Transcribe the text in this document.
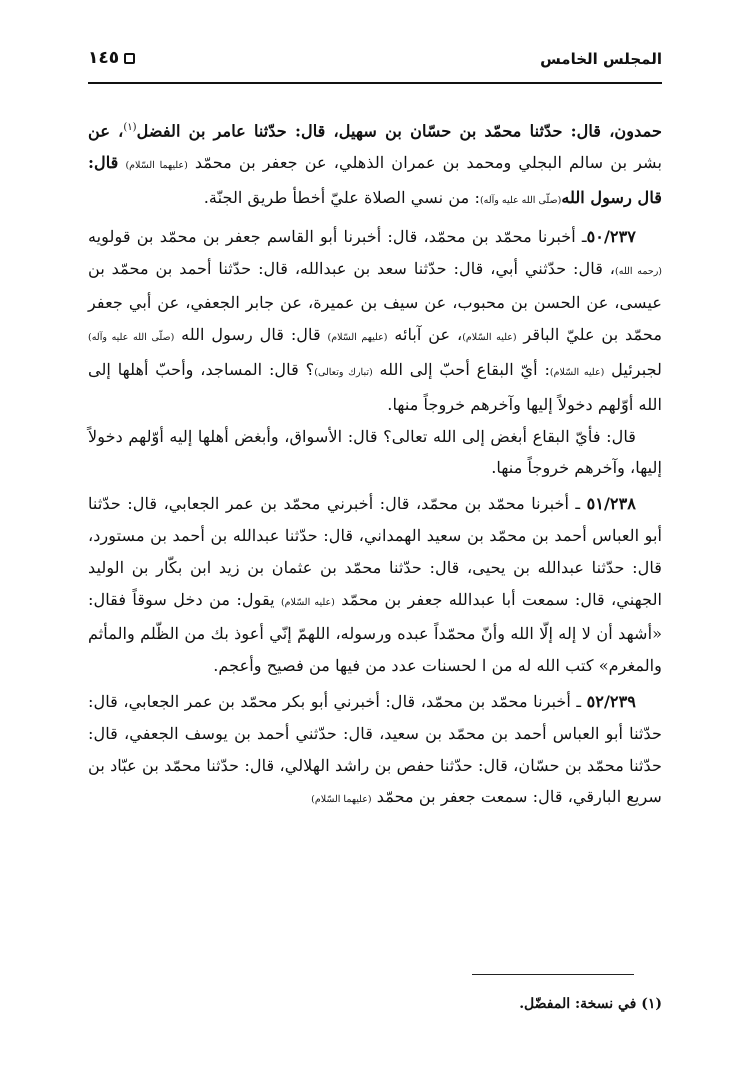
المجلس الخامس
١٤٥

حمدون، قال: حدّثنا محمّد بن حسّان بن سهيل، قال: حدّثنا عامر بن الفضل$^{(١)}$، عن بشر بن سالم البجلي ومحمد بن عمران الذهلي، عن جعفر بن محمّد (عليهما السّلام) قال: قال رسول الله(صلّى الله عليه وآله): من نسي الصلاة عليّ أخطأ طريق الجنّة.

٥٠/٢٣٧ـ أخبرنا محمّد بن محمّد، قال: أخبرنا أبو القاسم جعفر بن محمّد بن قولويه (رحمه الله)، قال: حدّثني أبي، قال: حدّثنا سعد بن عبدالله، قال: حدّثنا أحمد بن محمّد بن عيسى، عن الحسن بن محبوب، عن سيف بن عميرة، عن جابر الجعفي، عن أبي جعفر محمّد بن عليّ الباقر (عليه السّلام)، عن آبائه (عليهم السّلام) قال: قال رسول الله (صلّى الله عليه وآله) لجبرئيل (عليه السّلام): أيّ البقاع أحبّ إلى الله (تبارك وتعالى)؟ قال: المساجد، وأحبّ أهلها إلى الله أوّلهم دخولاً إليها وآخرهم خروجاً منها.

قال: فأيّ البقاع أبغض إلى الله تعالى؟ قال: الأسواق، وأبغض أهلها إليه أوّلهم دخولاً إليها، وآخرهم خروجاً منها.

٥١/٢٣٨ ـ أخبرنا محمّد بن محمّد، قال: أخبرني محمّد بن عمر الجعابي، قال: حدّثنا أبو العباس أحمد بن محمّد بن سعيد الهمداني، قال: حدّثنا عبدالله بن أحمد بن مستورد، قال: حدّثنا عبدالله بن يحيى، قال: حدّثنا محمّد بن عثمان بن زيد ابن بكّار بن الوليد الجهني، قال: سمعت أبا عبدالله جعفر بن محمّد (عليه السّلام) يقول: من دخل سوقاً فقال: «أشهد أن لا إله إلّا الله وأنّ محمّداً عبده ورسوله، اللهمّ إنّي أعوذ بك من الظّلم والمأثم والمغرم» كتب الله له من ا لحسنات عدد من فيها من فصيح وأعجم.

٥٢/٢٣٩ ـ أخبرنا محمّد بن محمّد، قال: أخبرني أبو بكر محمّد بن عمر الجعابي، قال: حدّثنا أبو العباس أحمد بن محمّد بن سعيد، قال: حدّثني أحمد بن يوسف الجعفي، قال: حدّثنا محمّد بن حسّان، قال: حدّثنا حفص بن راشد الهلالي، قال: حدّثنا محمّد بن عبّاد بن سريع البارقي، قال: سمعت جعفر بن محمّد (عليهما السّلام)

(١) في نسخة: المفضّل.
